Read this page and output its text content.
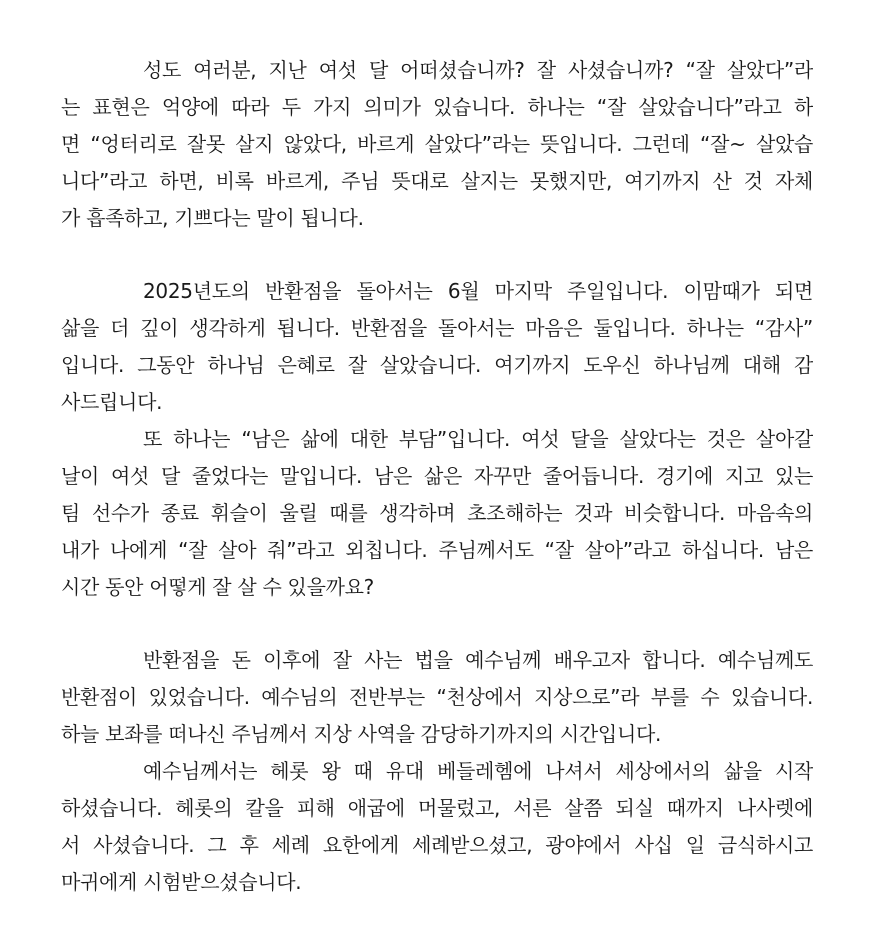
성도 여러분, 지난 여섯 달 어떠셨습니까? 잘 사셨습니까? “잘 살았다”라
는 표현은 억양에 따라 두 가지 의미가 있습니다. 하나는 “잘 살았습니다”라고 하
면 “엉터리로 잘못 살지 않았다, 바르게 살았다”라는 뜻입니다. 그런데 “잘~ 살았습
니다”라고 하면, 비록 바르게, 주님 뜻대로 살지는 못했지만, 여기까지 산 것 자체
가 흡족하고, 기쁘다는 말이 됩니다.
2025년도의 반환점을 돌아서는 6월 마지막 주일입니다. 이맘때가 되면
삶을 더 깊이 생각하게 됩니다. 반환점을 돌아서는 마음은 둘입니다. 하나는 “감사”
입니다. 그동안 하나님 은혜로 잘 살았습니다. 여기까지 도우신 하나님께 대해 감
사드립니다.
또 하나는 “남은 삶에 대한 부담”입니다. 여섯 달을 살았다는 것은 살아갈
날이 여섯 달 줄었다는 말입니다. 남은 삶은 자꾸만 줄어듭니다. 경기에 지고 있는
팀 선수가 종료 휘슬이 울릴 때를 생각하며 초조해하는 것과 비슷합니다. 마음속의
내가 나에게 “잘 살아 줘”라고 외칩니다. 주님께서도 “잘 살아”라고 하십니다. 남은
시간 동안 어떻게 잘 살 수 있을까요?
반환점을 돈 이후에 잘 사는 법을 예수님께 배우고자 합니다. 예수님께도
반환점이 있었습니다. 예수님의 전반부는 “천상에서 지상으로”라 부를 수 있습니다.
하늘 보좌를 떠나신 주님께서 지상 사역을 감당하기까지의 시간입니다.
예수님께서는 헤롯 왕 때 유대 베들레헴에 나셔서 세상에서의 삶을 시작
하셨습니다. 헤롯의 칼을 피해 애굽에 머물렀고, 서른 살쯤 되실 때까지 나사렛에
서 사셨습니다. 그 후 세례 요한에게 세례받으셨고, 광야에서 사십 일 금식하시고
마귀에게 시험받으셨습니다.
